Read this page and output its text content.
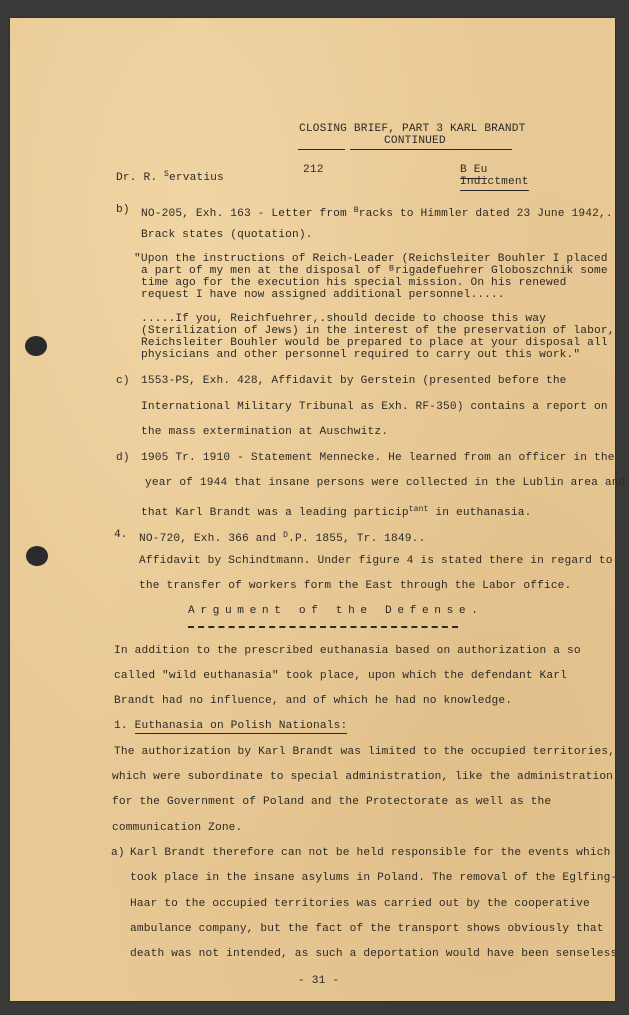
CLOSING BRIEF, PART 3 KARL BRANDT
CONTINUED
Dr. R. $^S$ervatius
212	B Eu
Indictment
b) NO-205, Exh. 163 - Letter from $^B$racks to Himmler dated 23 June 1942,.
Brack states (quotation).
"Upon the instructions of Reich-Leader (Reichsleiter Bouhler I placed
a part of my men at the disposal of ᴮrigadefuehrer Globoszchnik some
time ago for the execution his special mission. On his renewed
request I have now assigned additional personnel.....
.....If you, Reichfuehrer,.should decide to choose this way
(Sterilization of Jews) in the interest of the preservation of labor,
Reichsleiter Bouhler would be prepared to place at your disposal all
physicians and other personnel required to carry out this work."
c) 1553-PS, Exh. 428, Affidavit by Gerstein (presented before the
International Military Tribunal as Exh. RF-350) contains a report on
the mass extermination at Auschwitz.
d) 1905 Tr. 1910 - Statement Mennecke. He learned from an officer in the
year of 1944 that insane persons were collected in the Lublin area and
that Karl Brandt was a leading particip$^{tant}$ in euthanasia.
4. NO-720, Exh. 366 and $^D$.P. 1855, Tr. 1849..
Affidavit by Schindtmann. Under figure 4 is stated there in regard to
the transfer of workers form the East through the Labor office.
Argument of the Defense.
In addition to the prescribed euthanasia based on authorization a so
called "wild euthanasia" took place, upon which the defendant Karl
Brandt had no influence, and of which he had no knowledge.
1. Euthanasia on Polish Nationals:
The authorization by Karl Brandt was limited to the occupied territories,
which were subordinate to special administration, like the administration
for the Government of Poland and the Protectorate as well as the
communication Zone.
a) Karl Brandt therefore can not be held responsible for the events which
took place in the insane asylums in Poland. The removal of the Eglfing-
Haar to the occupied territories was carried out by the cooperative
ambulance company, but the fact of the transport shows obviously that
death was not intended, as such a deportation would have been senseless.
- 31 -
